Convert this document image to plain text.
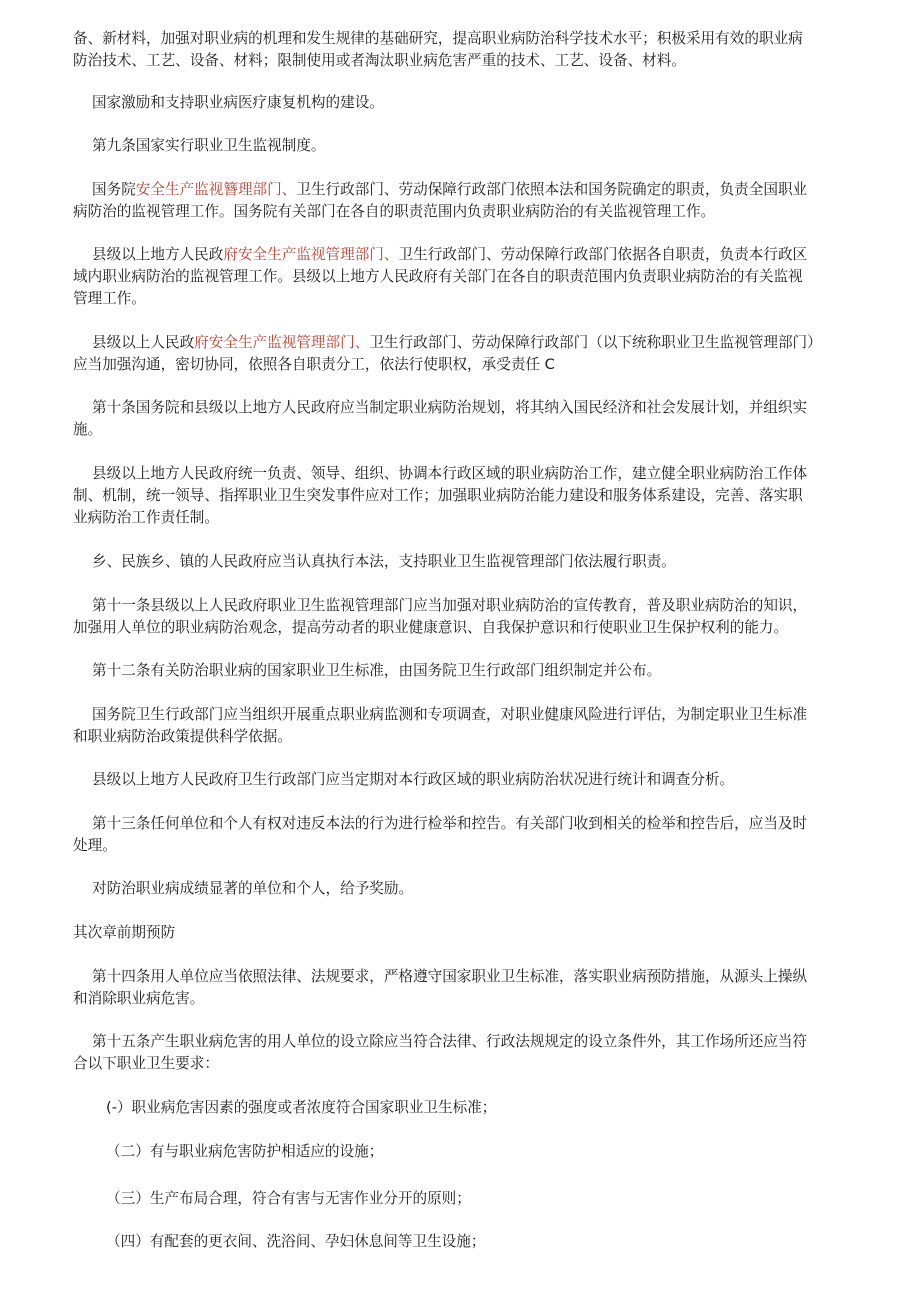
备、新材料，加强对职业病的机理和发生规律的基础研究，提高职业病防治科学技术水平；积极采用有效的职业病
防治技术、工艺、设备、材料；限制使用或者淘汰职业病危害严重的技术、工艺、设备、材料。

国家激励和支持职业病医疗康复机构的建设。

第九条国家实行职业卫生监视制度。

国务院安全生产监视簪理部门、卫生行政部门、劳动保障行政部门依照本法和国务院确定的职责，负责全国职业
病防治的监视管理工作。国务院有关部门在各自的职责范围内负责职业病防治的有关监视管理工作。

县级以上地方人民政府安全生产监视管理部门、卫生行政部门、劳动保障行政部门依据各自职责，负责本行政区
域内职业病防治的监视管理工作。县级以上地方人民政府有关部门在各自的职责范围内负责职业病防治的有关监视
管理工作。

县级以上人民政府安全生产监视管理部门、卫生行政部门、劳动保障行政部门（以下统称职业卫生监视管理部门）
应当加强沟通，密切协同，依照各自职责分工，依法行使职权，承受责任 C

第十条国务院和县级以上地方人民政府应当制定职业病防治规划，将其纳入国民经济和社会发展计划，并组织实
施。

县级以上地方人民政府统一负责、领导、组织、协调本行政区域的职业病防治工作，建立健全职业病防治工作体
制、机制，统一领导、指挥职业卫生突发事件应对工作；加强职业病防治能力建设和服务体系建设，完善、落实职
业病防治工作责任制。

乡、民族乡、镇的人民政府应当认真执行本法，支持职业卫生监视管理部门依法履行职责。

第十一条县级以上人民政府职业卫生监视管理部门应当加强对职业病防治的宣传教育，普及职业病防治的知识，
加强用人单位的职业病防治观念，提高劳动者的职业健康意识、自我保护意识和行使职业卫生保护权利的能力。

第十二条有关防治职业病的国家职业卫生标准，由国务院卫生行政部门组织制定并公布。

国务院卫生行政部门应当组织开展重点职业病监测和专项调查，对职业健康风险进行评估，为制定职业卫生标准
和职业病防治政策提供科学依据。

县级以上地方人民政府卫生行政部门应当定期对本行政区域的职业病防治状况进行统计和调查分析。

第十三条任何单位和个人有权对违反本法的行为进行检举和控告。有关部门收到相关的检举和控告后，应当及时
处理。

对防治职业病成绩显著的单位和个人，给予奖励。

其次章前期预防

第十四条用人单位应当依照法律、法规要求，严格遵守国家职业卫生标准，落实职业病预防措施，从源头上操纵
和消除职业病危害。

第十五条产生职业病危害的用人单位的设立除应当符合法律、行政法规规定的设立条件外，其工作场所还应当符
合以下职业卫生要求：

(-）职业病危害因素的强度或者浓度符合国家职业卫生标准；

（二）有与职业病危害防护相适应的设施；

（三）生产布局合理，符合有害与无害作业分开的原则；

（四）有配套的更衣间、洗浴间、孕妇休息间等卫生设施；
